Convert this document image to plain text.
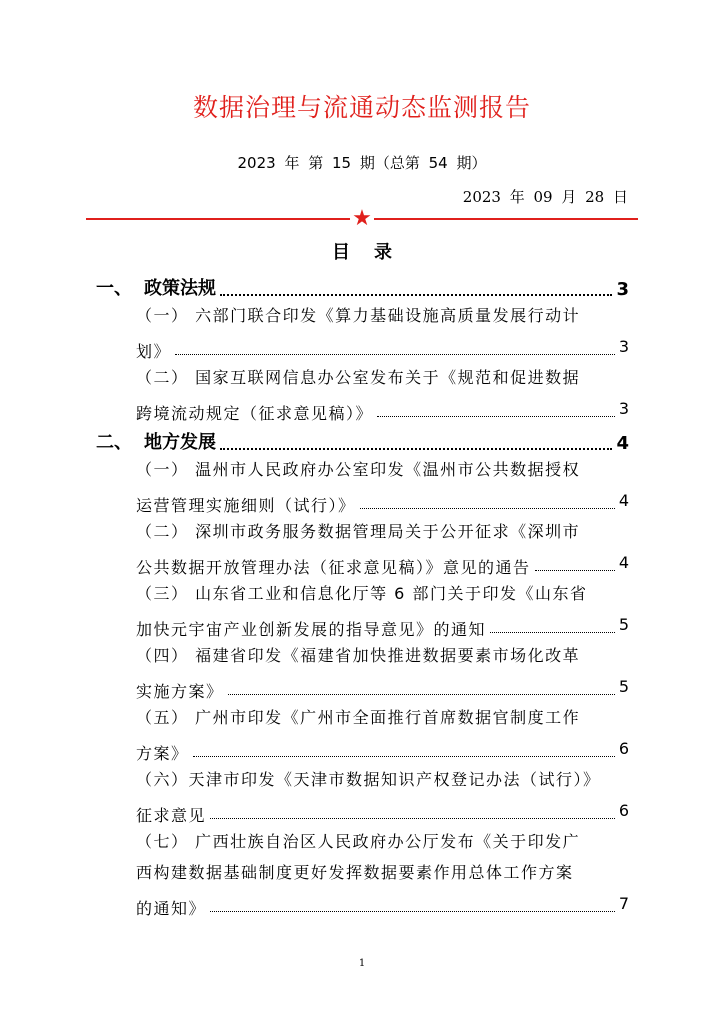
数据治理与流通动态监测报告
2023 年 第 15 期（总第 54 期）
2023 年 09 月 28 日
★
目录
一、 政策法规	3
（一） 六部门联合印发《算力基础设施高质量发展行动计
划》	3
（二） 国家互联网信息办公室发布关于《规范和促进数据
跨境流动规定（征求意见稿）》	3
二、 地方发展	4
（一） 温州市人民政府办公室印发《温州市公共数据授权
运营管理实施细则（试行）》	4
（二） 深圳市政务服务数据管理局关于公开征求《深圳市
公共数据开放管理办法（征求意见稿）》意见的通告	4
（三） 山东省工业和信息化厅等 6 部门关于印发《山东省
加快元宇宙产业创新发展的指导意见》的通知	5
（四） 福建省印发《福建省加快推进数据要素市场化改革
实施方案》	5
（五） 广州市印发《广州市全面推行首席数据官制度工作
方案》	6
（六）天津市印发《天津市数据知识产权登记办法（试行）》
征求意见	6
（七） 广西壮族自治区人民政府办公厅发布《关于印发广
西构建数据基础制度更好发挥数据要素作用总体工作方案
的通知》	7
1
